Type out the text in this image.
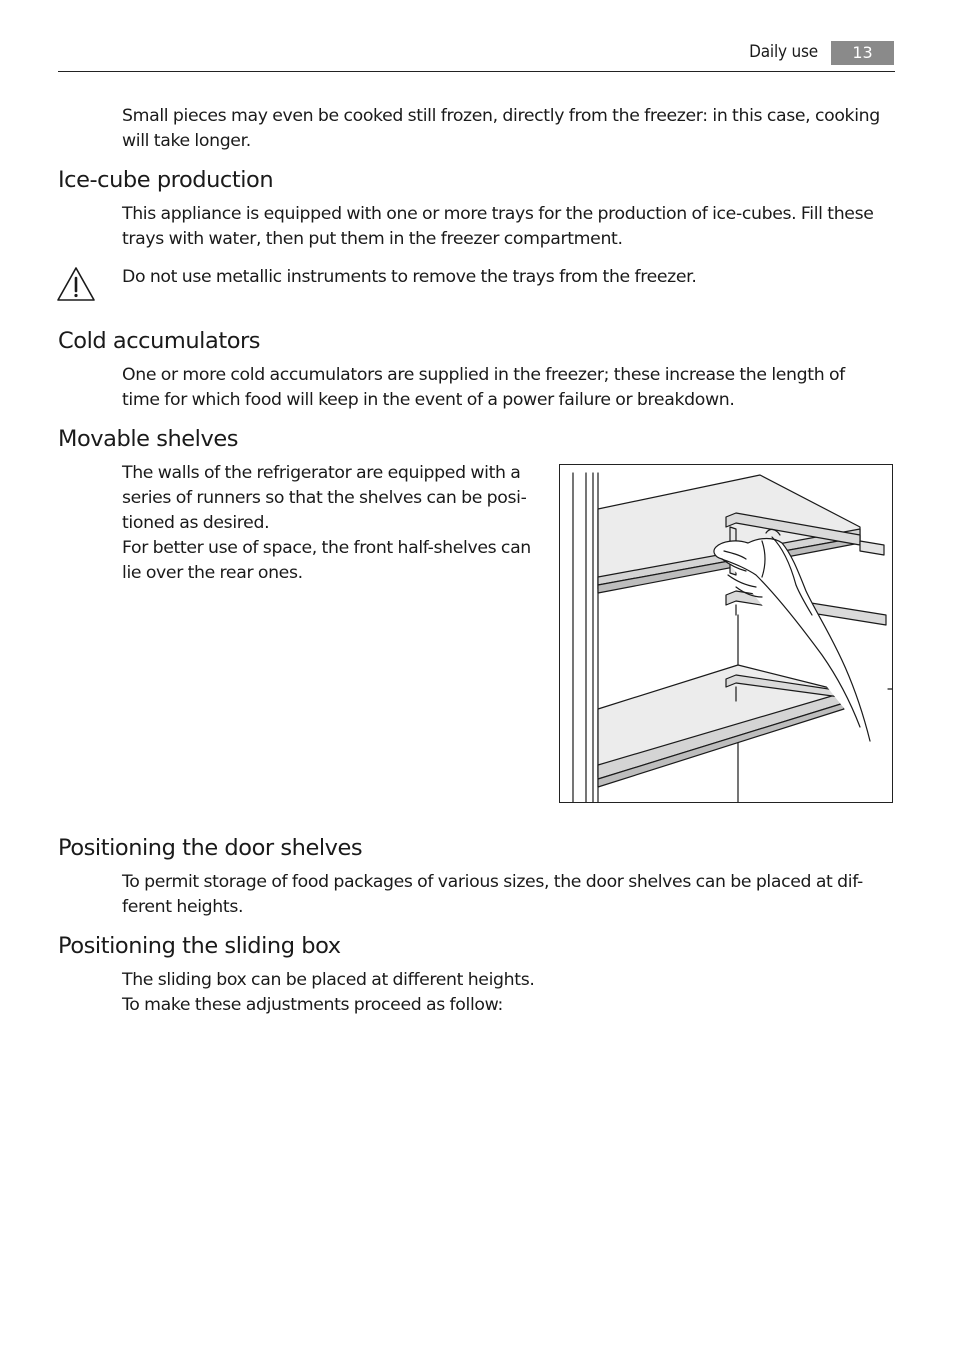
Daily use	13

Small pieces may even be cooked still frozen, directly from the freezer: in this case, cooking
will take longer.

Ice-cube production

This appliance is equipped with one or more trays for the production of ice-cubes. Fill these
trays with water, then put them in the freezer compartment.

Do not use metallic instruments to remove the trays from the freezer.

Cold accumulators

One or more cold accumulators are supplied in the freezer; these increase the length of
time for which food will keep in the event of a power failure or breakdown.

Movable shelves

The walls of the refrigerator are equipped with a
series of runners so that the shelves can be posi-
tioned as desired.
For better use of space, the front half-shelves can
lie over the rear ones.

Positioning the door shelves

To permit storage of food packages of various sizes, the door shelves can be placed at dif-
ferent heights.

Positioning the sliding box

The sliding box can be placed at different heights.
To make these adjustments proceed as follow:
